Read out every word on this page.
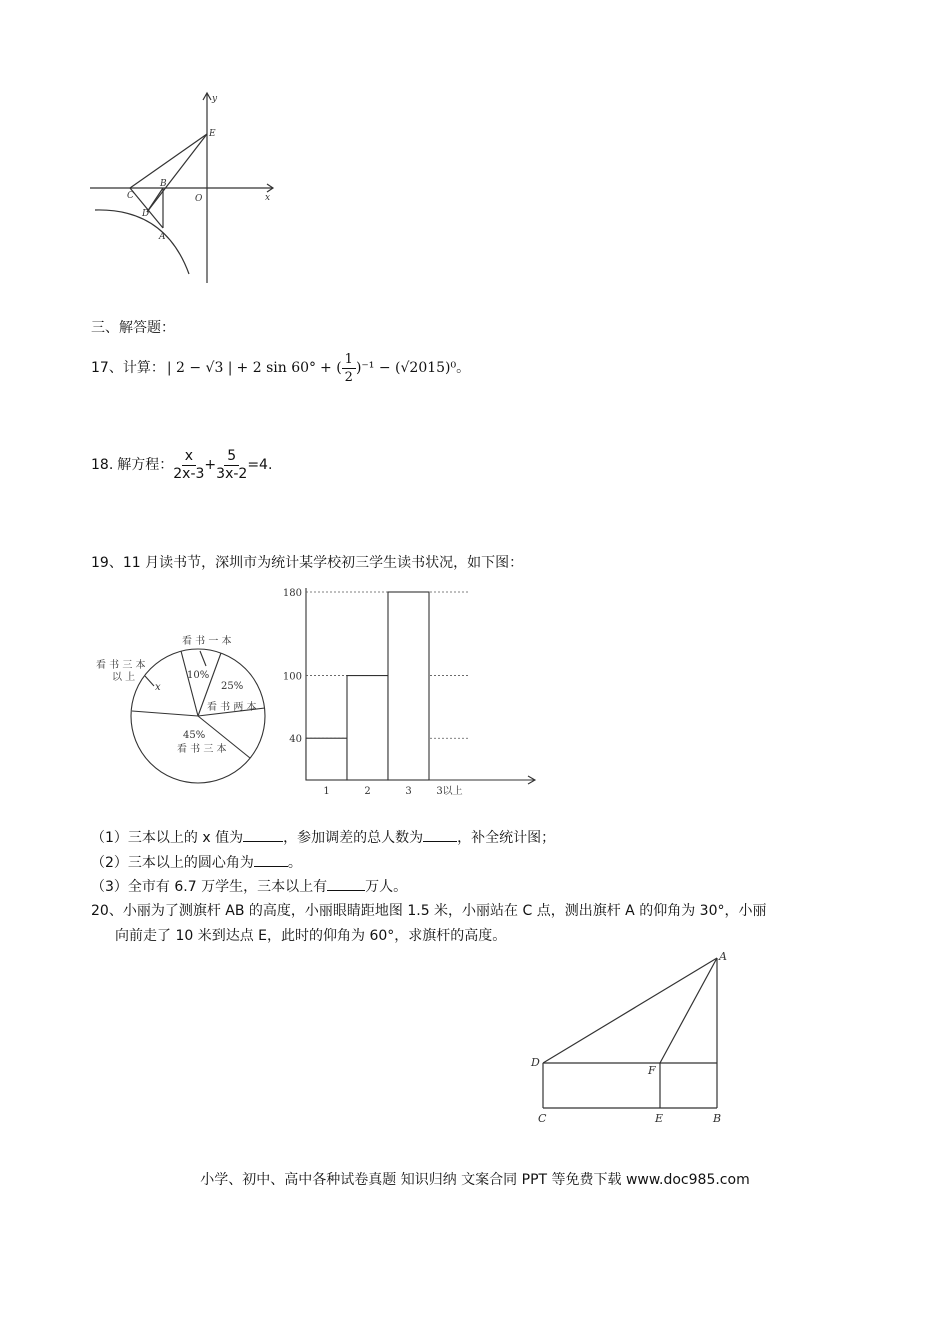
y
x
E
C
B
O
D
A
三、解答题：
17、 计算： | 2 − √3 | + 2 sin 60° + ( $\frac{1}{2} )^{-1} - (√2015)^0$ 。
18. 解方程： $\frac{x}{2x-3} + \frac{5}{3x-2} =4$.
19、11 月读书节，深圳市为统计某学校初三学生读书状况，如下图：
看 书 一 本
10%
25%
看 书 两 本
45%
看 书 三 本
看 书 三 本
以 上
x
40
100
180
1	2	3 3以上
（1）三本以上的 x 值为	，参加调差的总人数为 ，补全统计图；
（2）三本以上的圆心角为 。
（3）全市有 6.7 万学生，三本以上有	万人。
20、小丽为了测旗杆 AB 的高度，小丽眼睛距地图 1.5 米，小丽站在 C 点，测出旗杆 A 的仰角为 30°，小丽
向前走了 10 米到达点 E，此时的仰角为 60°，求旗杆的高度。
A
D
F
C	E	B
小学、初中、高中各种试卷真题 知识归纳 文案合同 PPT 等免费下载 www.doc985.com
